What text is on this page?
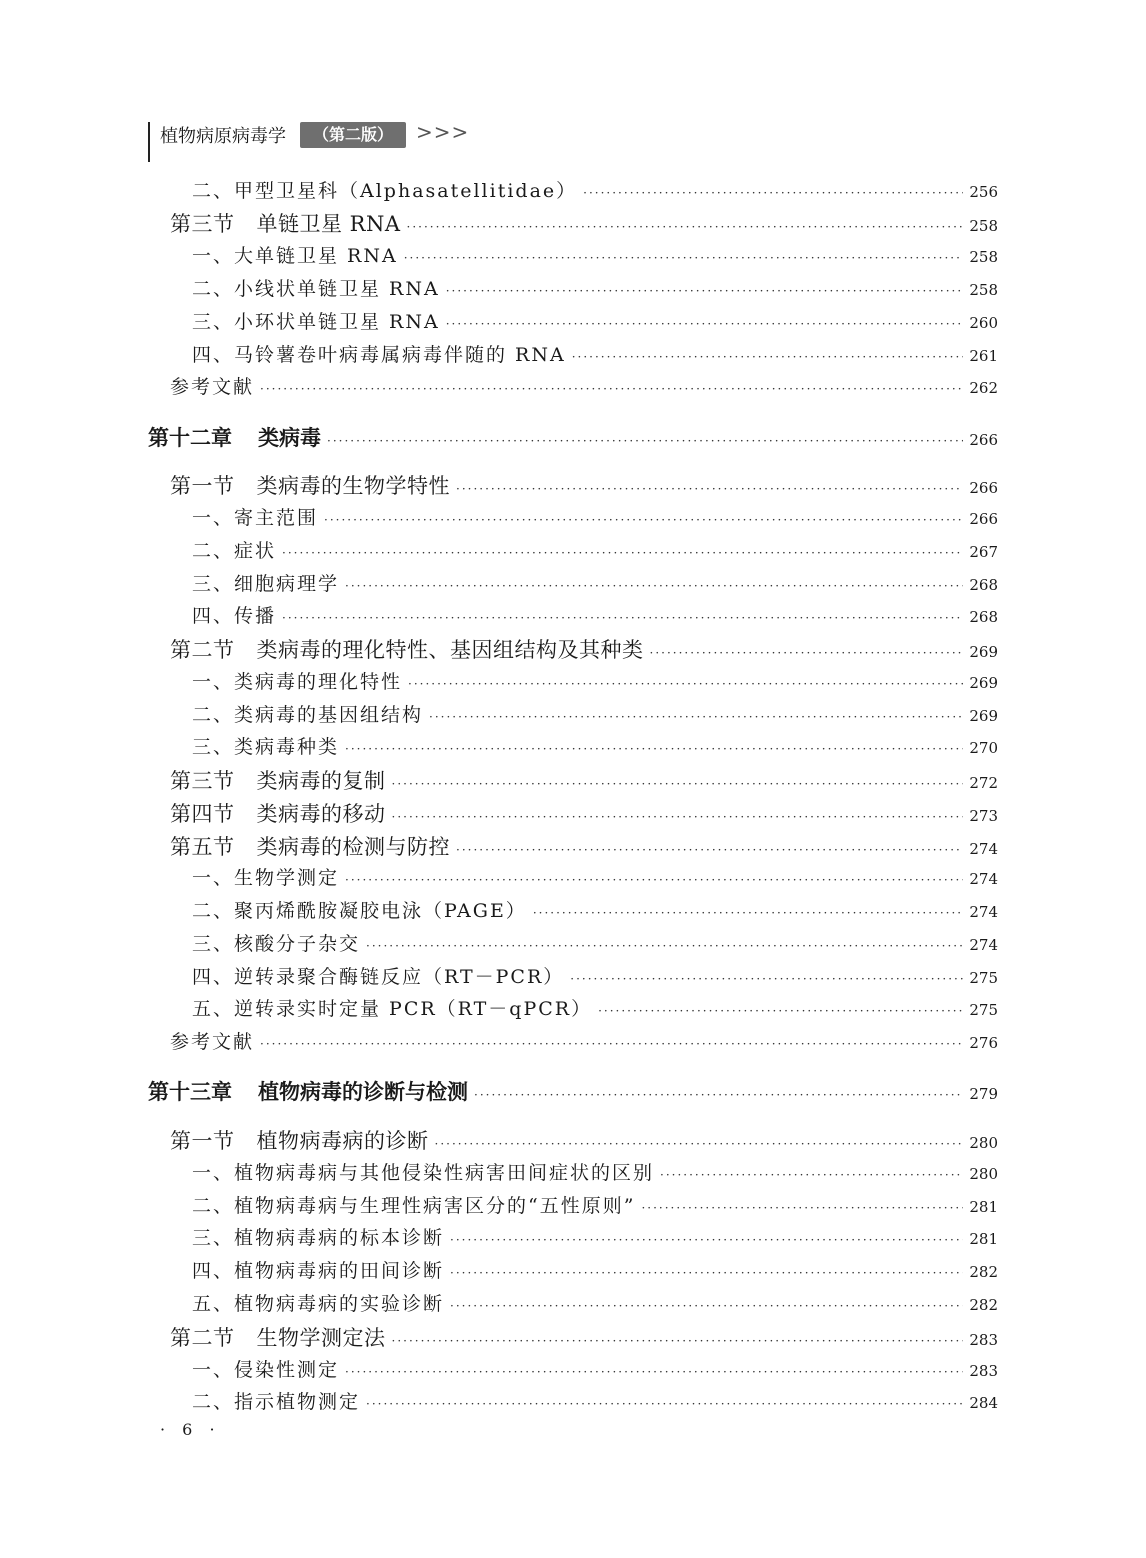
植物病原病毒学	（第二版）	>>>
二、甲型卫星科（Alphasatellitidae） ·····	256
第三节 单链卫星 RNA ·····	258
一、大单链卫星 RNA ·····	258
二、小线状单链卫星 RNA ·····	258
三、小环状单链卫星 RNA ·····	260
四、马铃薯卷叶病毒属病毒伴随的 RNA ·····	261
参考文献 ·····	262
第十二章 类病毒 ·····	266
第一节 类病毒的生物学特性 ·····	266
一、寄主范围 ·····	266
二、症状 ·····	267
三、细胞病理学 ·····	268
四、传播 ·····	268
第二节 类病毒的理化特性、基因组结构及其种类 ·····	269
一、类病毒的理化特性 ·····	269
二、类病毒的基因组结构 ·····	269
三、类病毒种类 ·····	270
第三节 类病毒的复制 ·····	272
第四节 类病毒的移动 ·····	273
第五节 类病毒的检测与防控 ·····	274
一、生物学测定 ·····	274
二、聚丙烯酰胺凝胶电泳（PAGE） ·····	274
三、核酸分子杂交 ·····	274
四、逆转录聚合酶链反应（RT－PCR） ·····	275
五、逆转录实时定量 PCR（RT－qPCR） ·····	275
参考文献 ·····	276
第十三章 植物病毒的诊断与检测 ·····	279
第一节 植物病毒病的诊断 ·····	280
一、植物病毒病与其他侵染性病害田间症状的区别 ·····	280
二、植物病毒病与生理性病害区分的“五性原则” ·····	281
三、植物病毒病的标本诊断 ·····	281
四、植物病毒病的田间诊断 ·····	282
五、植物病毒病的实验诊断 ·····	282
第二节 生物学测定法 ·····	283
一、侵染性测定 ·····	283
二、指示植物测定 ·····	284
· 6 ·
